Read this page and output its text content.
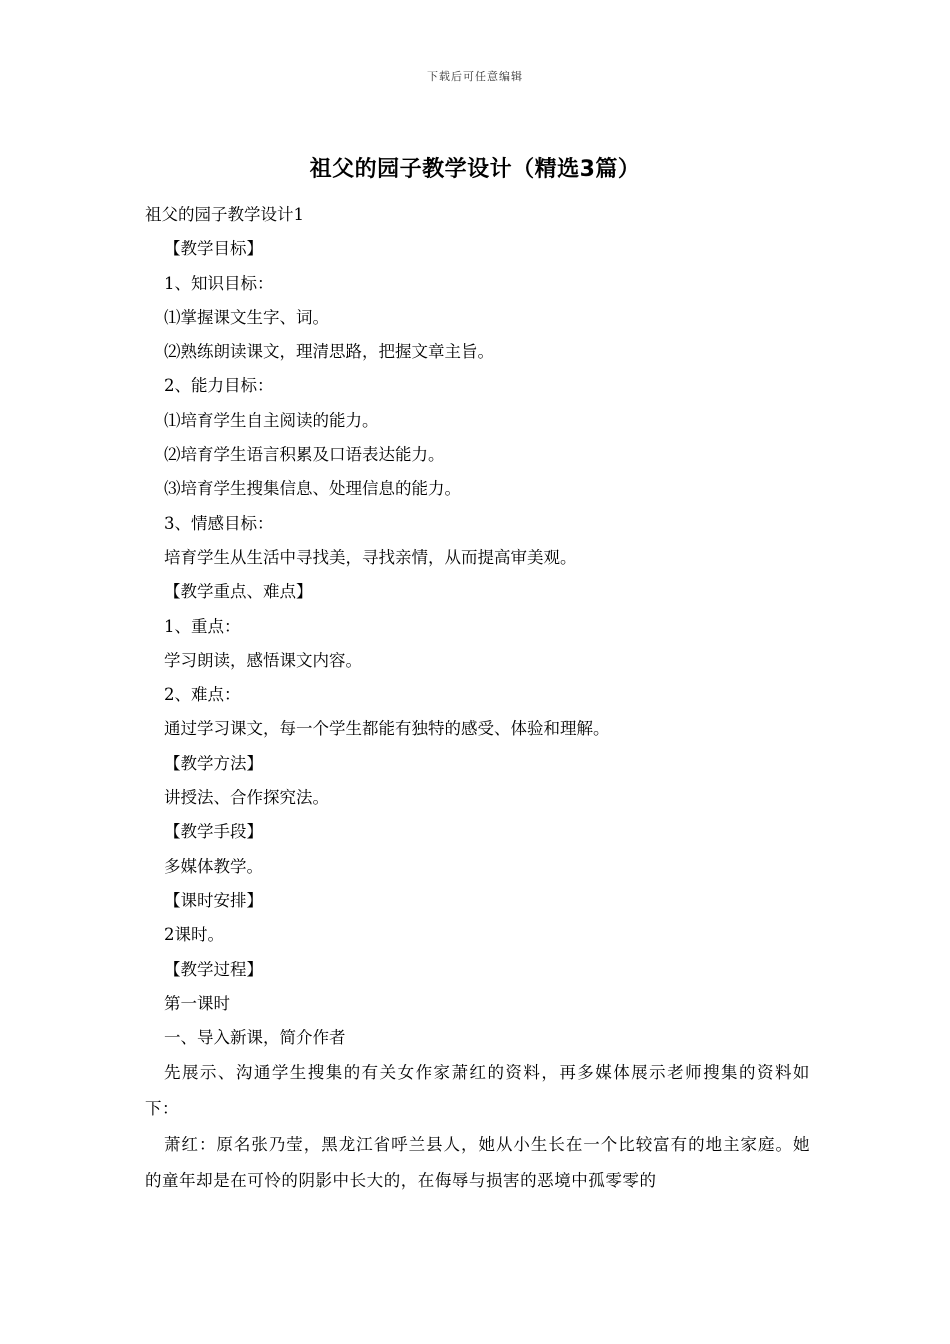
下载后可任意编辑
祖父的园子教学设计（精选3篇）

祖父的园子教学设计1

【教学目标】

1、知识目标：

⑴掌握课文生字、词。

⑵熟练朗读课文，理清思路，把握文章主旨。

2、能力目标：

⑴培育学生自主阅读的能力。

⑵培育学生语言积累及口语表达能力。

⑶培育学生搜集信息、处理信息的能力。

3、情感目标：

培育学生从生活中寻找美，寻找亲情，从而提高审美观。

【教学重点、难点】

1、重点：

学习朗读，感悟课文内容。

2、难点：

通过学习课文，每一个学生都能有独特的感受、体验和理解。

【教学方法】

讲授法、合作探究法。

【教学手段】

多媒体教学。

【课时安排】

2课时。

【教学过程】

第一课时

一、导入新课，简介作者

先展示、沟通学生搜集的有关女作家萧红的资料，再多媒体展示老师搜集的资料如下：

萧红：原名张乃莹，黑龙江省呼兰县人，她从小生长在一个比较富有的地主家庭。她的童年却是在可怜的阴影中长大的，在侮辱与损害的恶境中孤零零的
